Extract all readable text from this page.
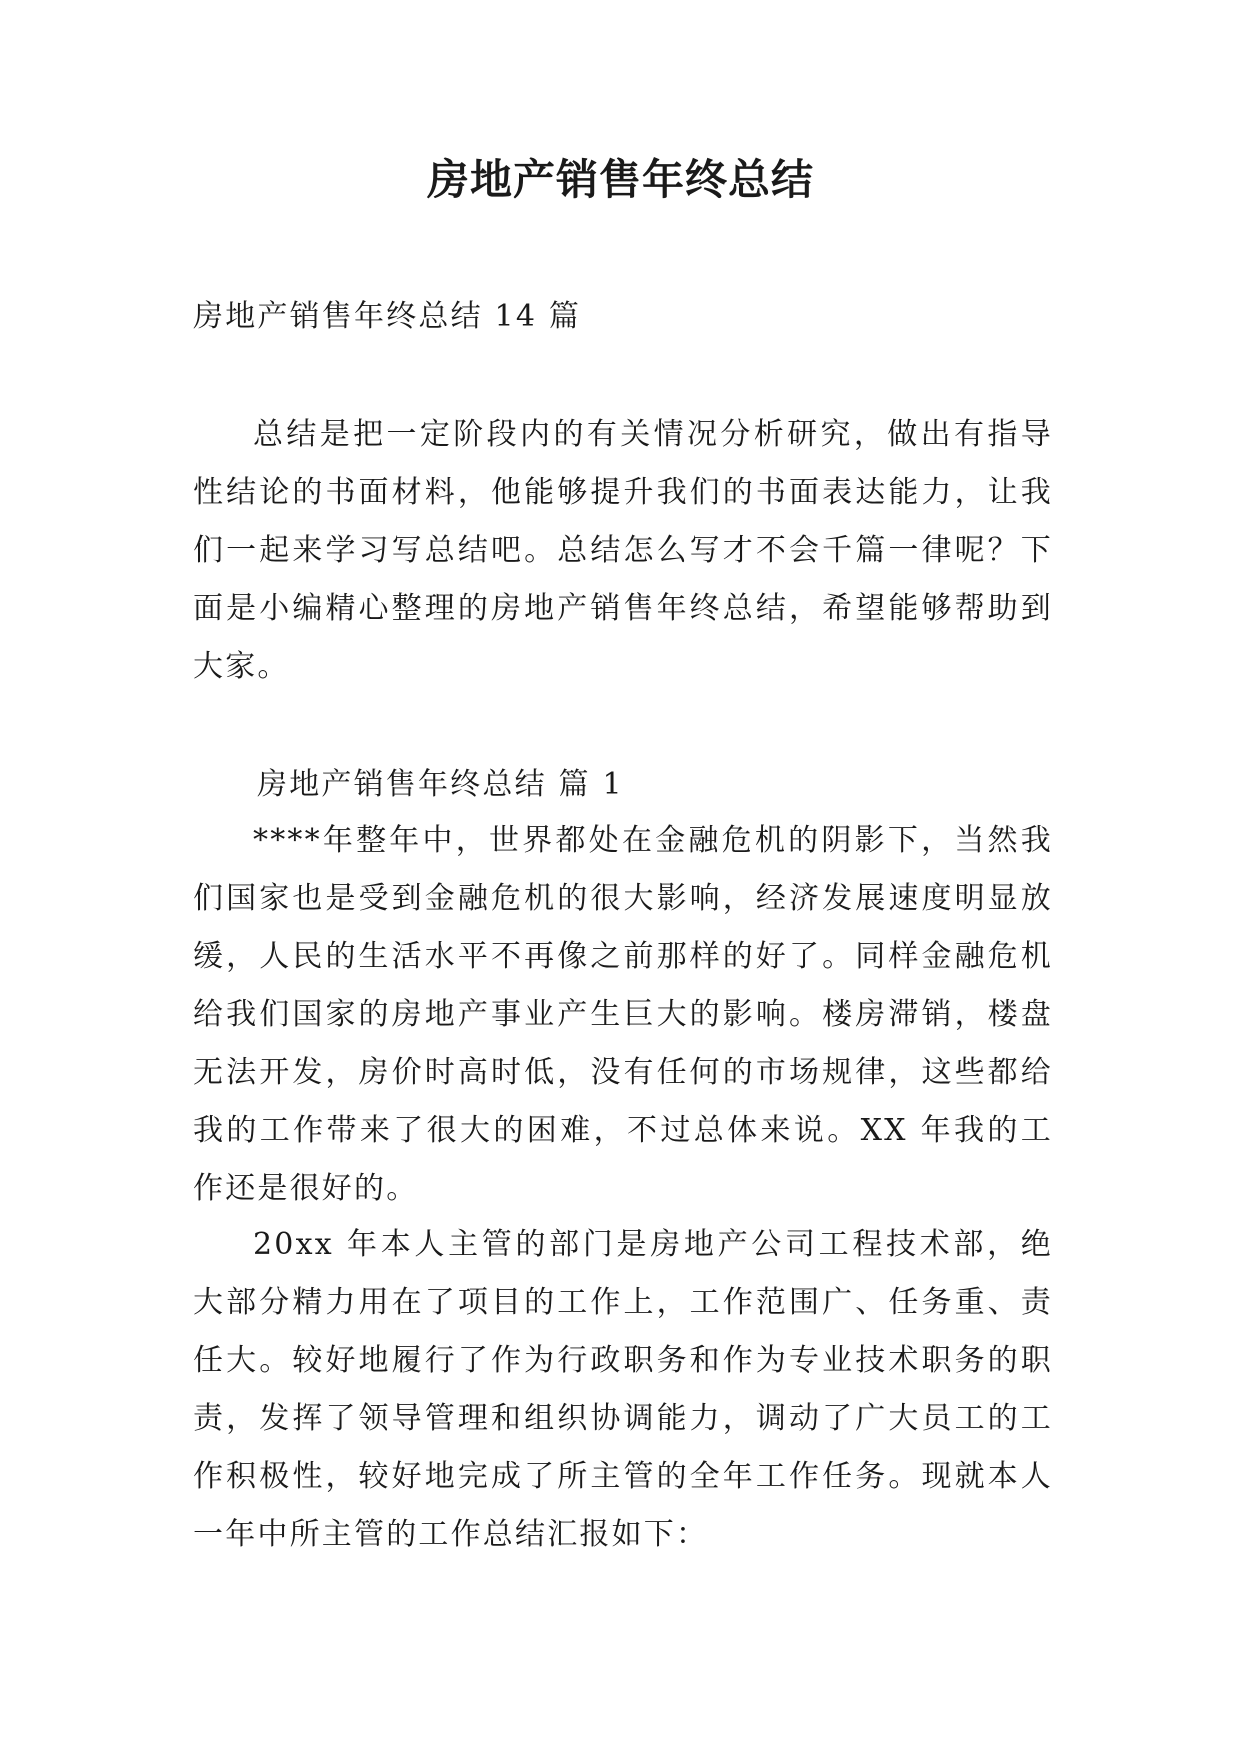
房地产销售年终总结
房地产销售年终总结 14 篇

总结是把一定阶段内的有关情况分析研究，做出有指导性结论的书面材料，他能够提升我们的书面表达能力，让我们一起来学习写总结吧。总结怎么写才不会千篇一律呢？下面是小编精心整理的房地产销售年终总结，希望能够帮助到大家。

房地产销售年终总结 篇 1

****年整年中，世界都处在金融危机的阴影下，当然我们国家也是受到金融危机的很大影响，经济发展速度明显放缓，人民的生活水平不再像之前那样的好了。同样金融危机给我们国家的房地产事业产生巨大的影响。楼房滞销，楼盘无法开发，房价时高时低，没有任何的市场规律，这些都给我的工作带来了很大的困难，不过总体来说。XX 年我的工作还是很好的。

20xx 年本人主管的部门是房地产公司工程技术部，绝大部分精力用在了项目的工作上，工作范围广、任务重、责任大。较好地履行了作为行政职务和作为专业技术职务的职责，发挥了领导管理和组织协调能力，调动了广大员工的工作积极性，较好地完成了所主管的全年工作任务。现就本人一年中所主管的工作总结汇报如下：
